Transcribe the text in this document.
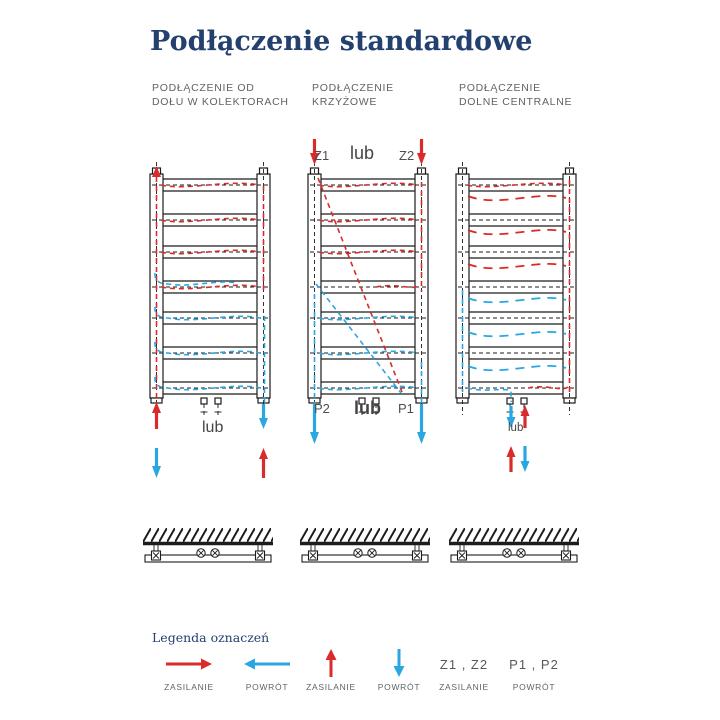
Podłączenie standardowe
PODŁĄCZENIE OD
DOŁU W KOLEKTORACH
PODŁĄCZENIE
KRZYŻOWE
PODŁĄCZENIE
DOLNE CENTRALNE
Z1 lub Z2
P2 lub P1
lub	lub
Legenda oznaczeń
ZASILANIE	POWRÓT ZASILANIE	POWRÓT
Z1 , Z2
ZASILANIE
P1 , P2
POWRÓT
